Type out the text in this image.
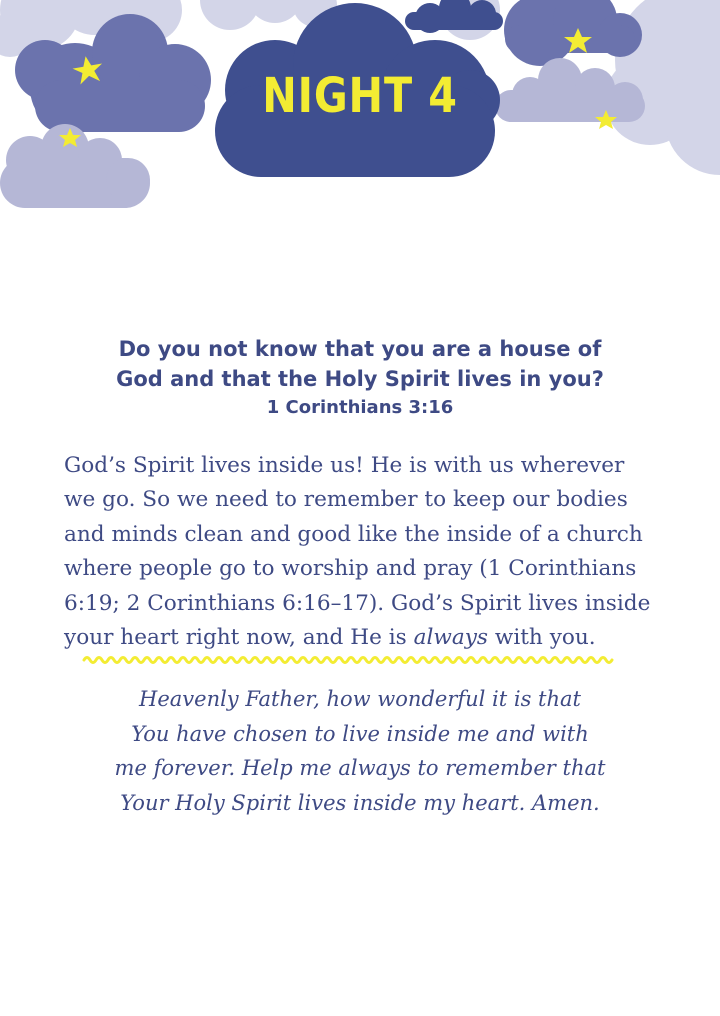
NIGHT 4
Do you not know that you are a house of
God and that the Holy Spirit lives in you?
1 Corinthians 3:16

God’s Spirit lives inside us! He is with us wherever

we go. So we need to remember to keep our bodies

and minds clean and good like the inside of a church

where people go to worship and pray (1 Corinthians

6:19; 2 Corinthians 6:16–17). God’s Spirit lives inside

your heart right now, and He is always with you.

Heavenly Father, how wonderful it is that

You have chosen to live inside me and with

me forever. Help me always to remember that

Your Holy Spirit lives inside my heart. Amen.
